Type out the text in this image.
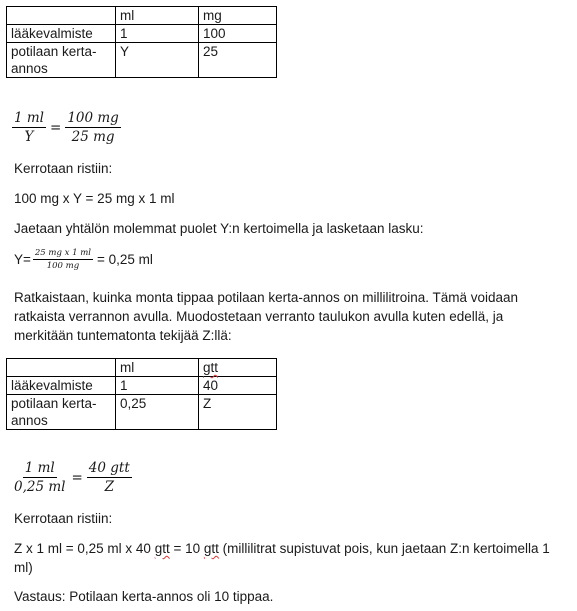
	ml	mg
lääkevalmiste	1	100
potilaan kerta-annos	Y	25
$\frac{1 ml}{Y} = \frac{100 mg}{25 mg}$

Kerrotaan ristiin:

100 mg x Y = 25 mg x 1 ml

Jaetaan yhtälön molemmat puolet Y:n kertoimella ja lasketaan lasku:

$Y= \frac{\text{25 mg x 1 ml}}{100 mg} = 0,25$ ml

Ratkaistaan, kuinka monta tippaa potilaan kerta-annos on millilitroina. Tämä voidaan ratkaista verrannon avulla. Muodostetaan verranto taulukon avulla kuten edellä, ja merkitään tuntematonta tekijää Z:llä:

	ml	gtt
lääkevalmiste	1	40
potilaan kerta-annos	0,25	Z
$\frac{1 ml}{0,25 ml} = \frac{\text{40 gtt}}{Z}$

Kerrotaan ristiin:

Z x 1 ml = 0,25 ml x 40 gtt = 10 gtt (millilitrat supistuvat pois, kun jaetaan Z:n kertoimella 1 ml)

Vastaus: Potilaan kerta-annos oli 10 tippaa.
